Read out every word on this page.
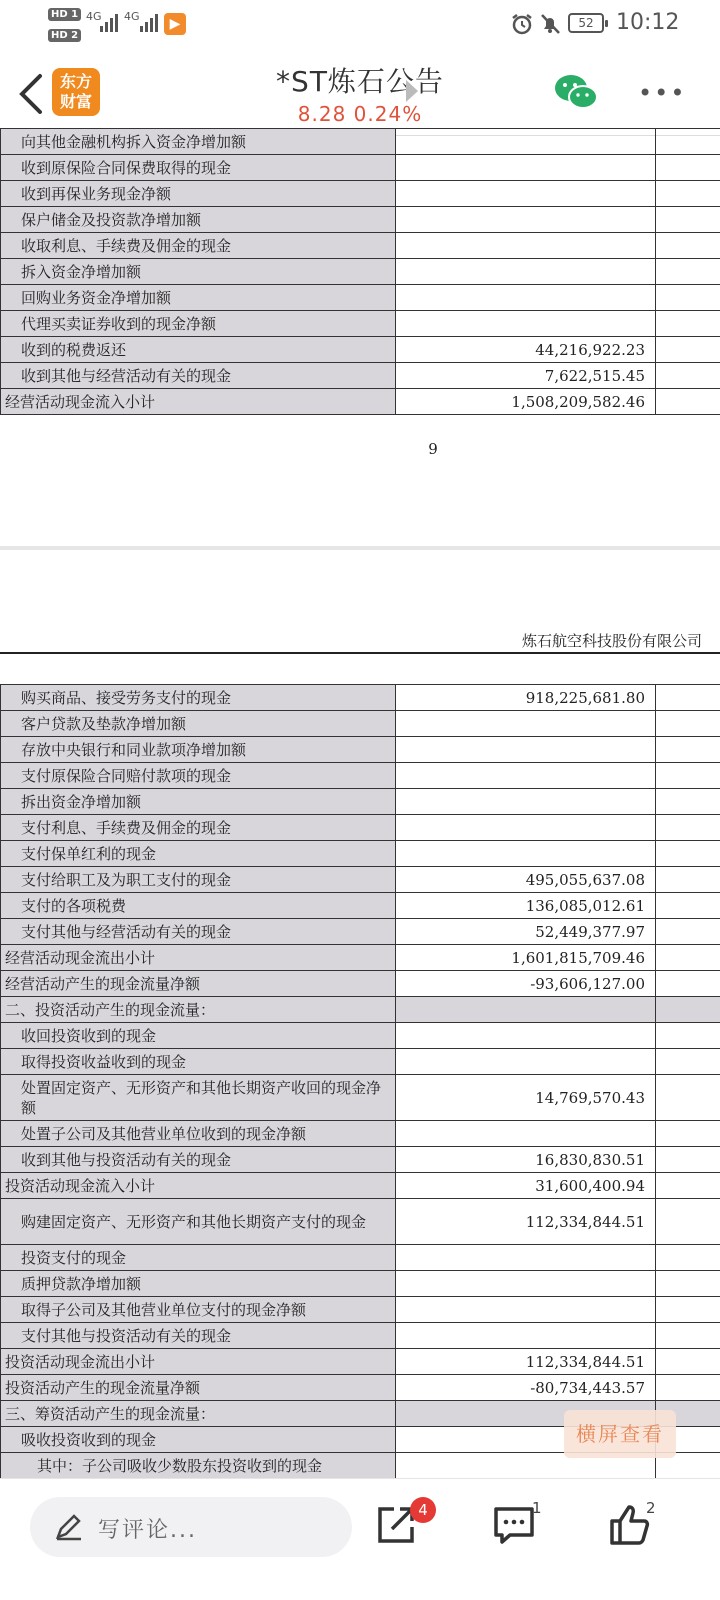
HD 1
HD 2
4G 4G	▶	52	10:12
东方
财富
*ST炼石公告
8.28 0.24%
•••
向其他金融机构拆入资金净增加额		
收到原保险合同保费取得的现金		
收到再保业务现金净额		
保户储金及投资款净增加额		
收取利息、手续费及佣金的现金		
拆入资金净增加额		
回购业务资金净增加额		
代理买卖证券收到的现金净额		
收到的税费返还	44,216,922.23	
收到其他与经营活动有关的现金	7,622,515.45	
经营活动现金流入小计	1,508,209,582.46	
9
炼石航空科技股份有限公司
购买商品、接受劳务支付的现金	918,225,681.80	
客户贷款及垫款净增加额		
存放中央银行和同业款项净增加额		
支付原保险合同赔付款项的现金		
拆出资金净增加额		
支付利息、手续费及佣金的现金		
支付保单红利的现金		
支付给职工及为职工支付的现金	495,055,637.08	
支付的各项税费	136,085,012.61	
支付其他与经营活动有关的现金	52,449,377.97	
经营活动现金流出小计	1,601,815,709.46	
经营活动产生的现金流量净额	-93,606,127.00	
二、投资活动产生的现金流量：		
收回投资收到的现金		
取得投资收益收到的现金		
处置固定资产、无形资产和其他长期资产收回的现金净额	14,769,570.43	
处置子公司及其他营业单位收到的现金净额		
收到其他与投资活动有关的现金	16,830,830.51	
投资活动现金流入小计	31,600,400.94	
购建固定资产、无形资产和其他长期资产支付的现金	112,334,844.51	
投资支付的现金		
质押贷款净增加额		
取得子公司及其他营业单位支付的现金净额		
支付其他与投资活动有关的现金		
投资活动现金流出小计	112,334,844.51	
投资活动产生的现金流量净额	-80,734,443.57	
三、筹资活动产生的现金流量：		
吸收投资收到的现金		
其中：子公司吸收少数股东投资收到的现金		
横屏查看
写评论...
4	1	2
